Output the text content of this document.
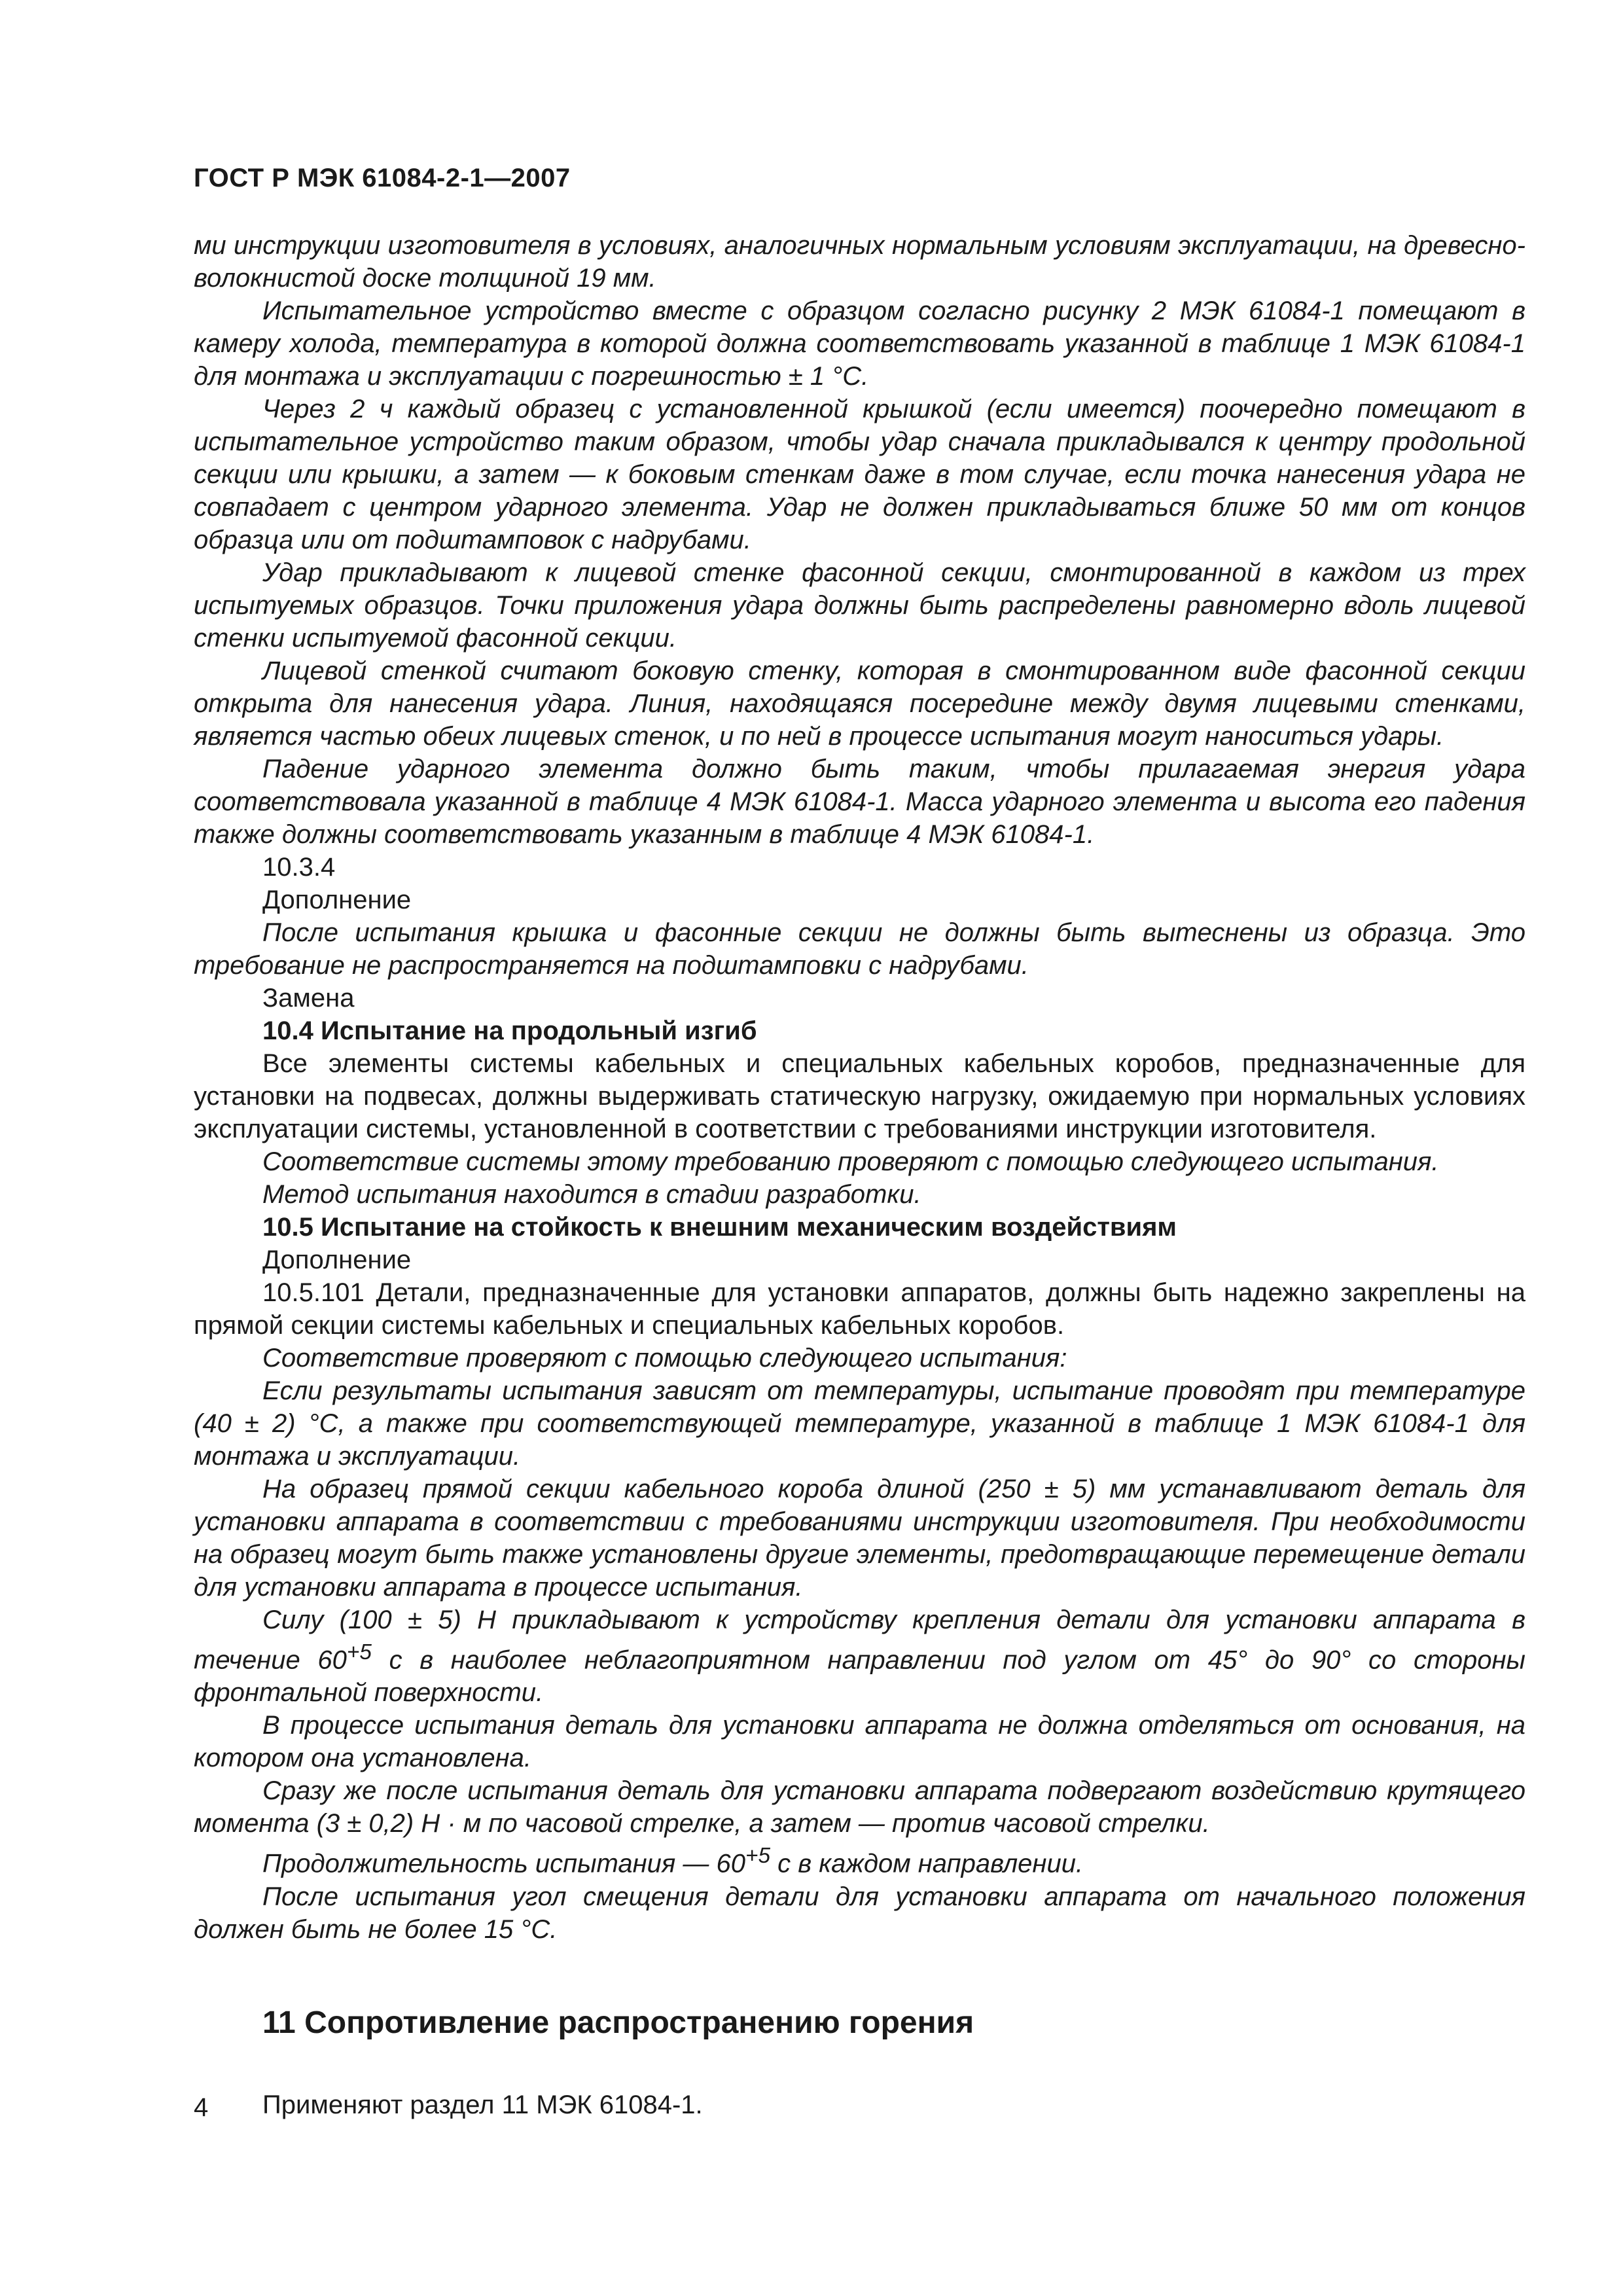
ГОСТ Р МЭК 61084-2-1—2007

ми инструкции изготовителя в условиях, аналогичных нормальным условиям эксплуатации, на древесно-волокнистой доске толщиной 19 мм.

Испытательное устройство вместе с образцом согласно рисунку 2 МЭК 61084-1 помещают в камеру холода, температура в которой должна соответствовать указанной в таблице 1 МЭК 61084-1 для монтажа и эксплуатации с погрешностью ± 1 °С.

Через 2 ч каждый образец с установленной крышкой (если имеется) поочередно помещают в испытательное устройство таким образом, чтобы удар сначала прикладывался к центру продольной секции или крышки, а затем — к боковым стенкам даже в том случае, если точка нанесения удара не совпадает с центром ударного элемента. Удар не должен прикладываться ближе 50 мм от концов образца или от подштамповок с надрубами.

Удар прикладывают к лицевой стенке фасонной секции, смонтированной в каждом из трех испытуемых образцов. Точки приложения удара должны быть распределены равномерно вдоль лицевой стенки испытуемой фасонной секции.

Лицевой стенкой считают боковую стенку, которая в смонтированном виде фасонной секции открыта для нанесения удара. Линия, находящаяся посередине между двумя лицевыми стенками, является частью обеих лицевых стенок, и по ней в процессе испытания могут наноситься удары.

Падение ударного элемента должно быть таким, чтобы прилагаемая энергия удара соответствовала указанной в таблице 4 МЭК 61084-1. Масса ударного элемента и высота его падения также должны соответствовать указанным в таблице 4 МЭК 61084-1.

10.3.4

Дополнение

После испытания крышка и фасонные секции не должны быть вытеснены из образца. Это требование не распространяется на подштамповки с надрубами.

Замена

10.4 Испытание на продольный изгиб

Все элементы системы кабельных и специальных кабельных коробов, предназначенные для установки на подвесах, должны выдерживать статическую нагрузку, ожидаемую при нормальных условиях эксплуатации системы, установленной в соответствии с требованиями инструкции изготовителя.

Соответствие системы этому требованию проверяют с помощью следующего испытания.

Метод испытания находится в стадии разработки.

10.5 Испытание на стойкость к внешним механическим воздействиям

Дополнение

10.5.101 Детали, предназначенные для установки аппаратов, должны быть надежно закреплены на прямой секции системы кабельных и специальных кабельных коробов.

Соответствие проверяют с помощью следующего испытания:

Если результаты испытания зависят от температуры, испытание проводят при температуре (40 ± 2) °С, а также при соответствующей температуре, указанной в таблице 1 МЭК 61084-1 для монтажа и эксплуатации.

На образец прямой секции кабельного короба длиной (250 ± 5) мм устанавливают деталь для установки аппарата в соответствии с требованиями инструкции изготовителя. При необходимости на образец могут быть также установлены другие элементы, предотвращающие перемещение детали для установки аппарата в процессе испытания.

Силу (100 ± 5) Н прикладывают к устройству крепления детали для установки аппарата в течение $60^{+5}$ с в наиболее неблагоприятном направлении под углом от 45° до 90° со стороны фронтальной поверхности.

В процессе испытания деталь для установки аппарата не должна отделяться от основания, на котором она установлена.

Сразу же после испытания деталь для установки аппарата подвергают воздействию крутящего момента (3 ± 0,2) Н · м по часовой стрелке, а затем — против часовой стрелки.

Продолжительность испытания — $60^{+5}$ с в каждом направлении.

После испытания угол смещения детали для установки аппарата от начального положения должен быть не более 15 °С.

11 Сопротивление распространению горения

Применяют раздел 11 МЭК 61084-1.

4
